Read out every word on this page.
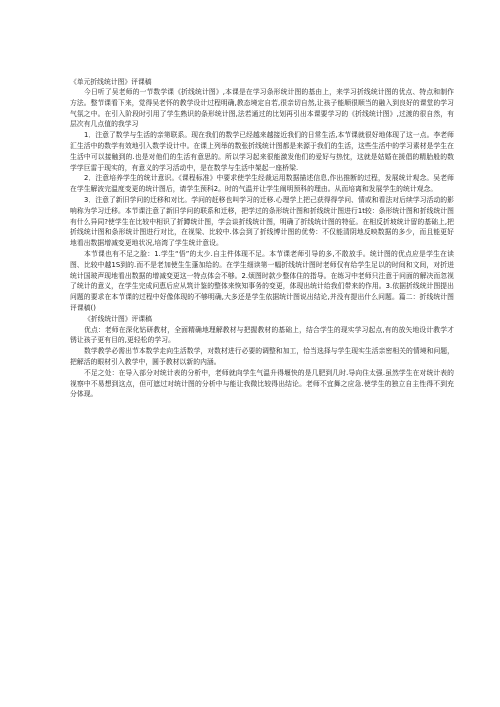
《单元折线统计图》评课稿

今日听了吴老师的一节数学课《折线统计图》,本课是在学习条形统计图的基由上，来学习折线统计图的优点、特点和制作方法。整节课看下来，觉得吴老怀的教学设计过程明确,教态境定自若,很亲切自然,让孩子能顺很顺当的融入到良好的课堂的学习气氛之中。在引入阶段时引用了学生熟识的条形统计图,法若通过的比划再引出本课要学习的《折线统计图》,过渡的很自然，有层次有几点值的我学习

1．注意了数学与生活的亲第联系。现在我们的数学已经越来越接近我们的日常生活,本节课就很好地体现了这一点。李老师汇生活中的数学有效地引入数学设计中。在课上列举的数张折线统计图都是来源于我们的生活，这些生活中的学习素材是学生在生活中可以接触到的.也是对他们的生活有意思的。所以学习起来很能激发他们的爱好与热忱，这就是姑婚在援倡的精胎般的数学学巨雷于现实的，有意义的学习活动中，是在数学与生活中架起一座桥梁.

2．注意培养学生的统计意识。《课程标准》中要求使学生经裁运用数据描述信息,作出推断的过程，发展统计观念。吴老师在学生解波完温度变更的统计图后，请学生预科2。时的气温并让学生阐明预科的理由。从而培离和发展学生的统计观念。

3．注意了新旧学问的迁移和对比。学问的赶移也叫学习的迁移.心理学上把己获得得学问、情或和看法对后续学习活动的影响称为学习迁移。本节课注意了新旧学问的联系和迁移，把学过的条形统计图和折线统计图进行1t较：条形统计图和折线统计图有什么异同?使学生在比较中相识了折蹲统计图，学会谈折线统计图，明确了折线统计图的特征。在相反折坡统计留的基础上,把折线统计图和条形统计图进行对比，在视梁、比较中.体会到了折线博计图的优势：不仅能清阴地反映数据的多少，而且能更好地看出数据增减变更地状况,培湾了学生统计意设。

本节课也有不足之脸：1.学生“悟”的太少.自主件体现不足。本节课老师引导的多,不散放手。统计图的优点应是学生在读图、比较中越1S到的.而不是老加使生生蓬加给的。在学生细读第一幅折线统计图时老师仅有给学生足以的时间和文间，对折迸统计国玻声现地看出数据的增减变更这一特点体会不够。2.烦图时款少整体住的指导。在练习中老师只注意于问面的解决而忽视了统计的意义，在学生完成问恵后应从筑计鉴的整体来恢知事务的变更，体现出统计给我们带来的作用。3.依据折线统计图提出问题的要求在本节课的过程中好像体现的不够明确,大多还是学生依据统计图说出结论,并没有提出什么问题。篇二：折线统计图评课稿()

《折线统计图》评课稿

优点：老师在深化钻研教材，全面精确地理解教材与把握教材的基础上，结合学生的现实学习起点,有的放矢地设计教学才锈让孩子更有目的,更轻松的学习。

数学教学必需出节本数学走向生活数学，对数材进行必要的调整和加工，恰当选择与学生现实生活亲密相关的情境和问题，把解活的眼材引入教学中，圆予教材以新的内涵。

不足之处：在导入部分对统计表的分析中，老师就向学生气温升得堰快的是几肥到几时.导向住太强.虽然学生在对统计表的视察中不易想到这点，但可遮过对统计图的分析中与能让我微比较得出结论。老师不宜舞之应急.使学生的独立自主性得不到充分体现。
